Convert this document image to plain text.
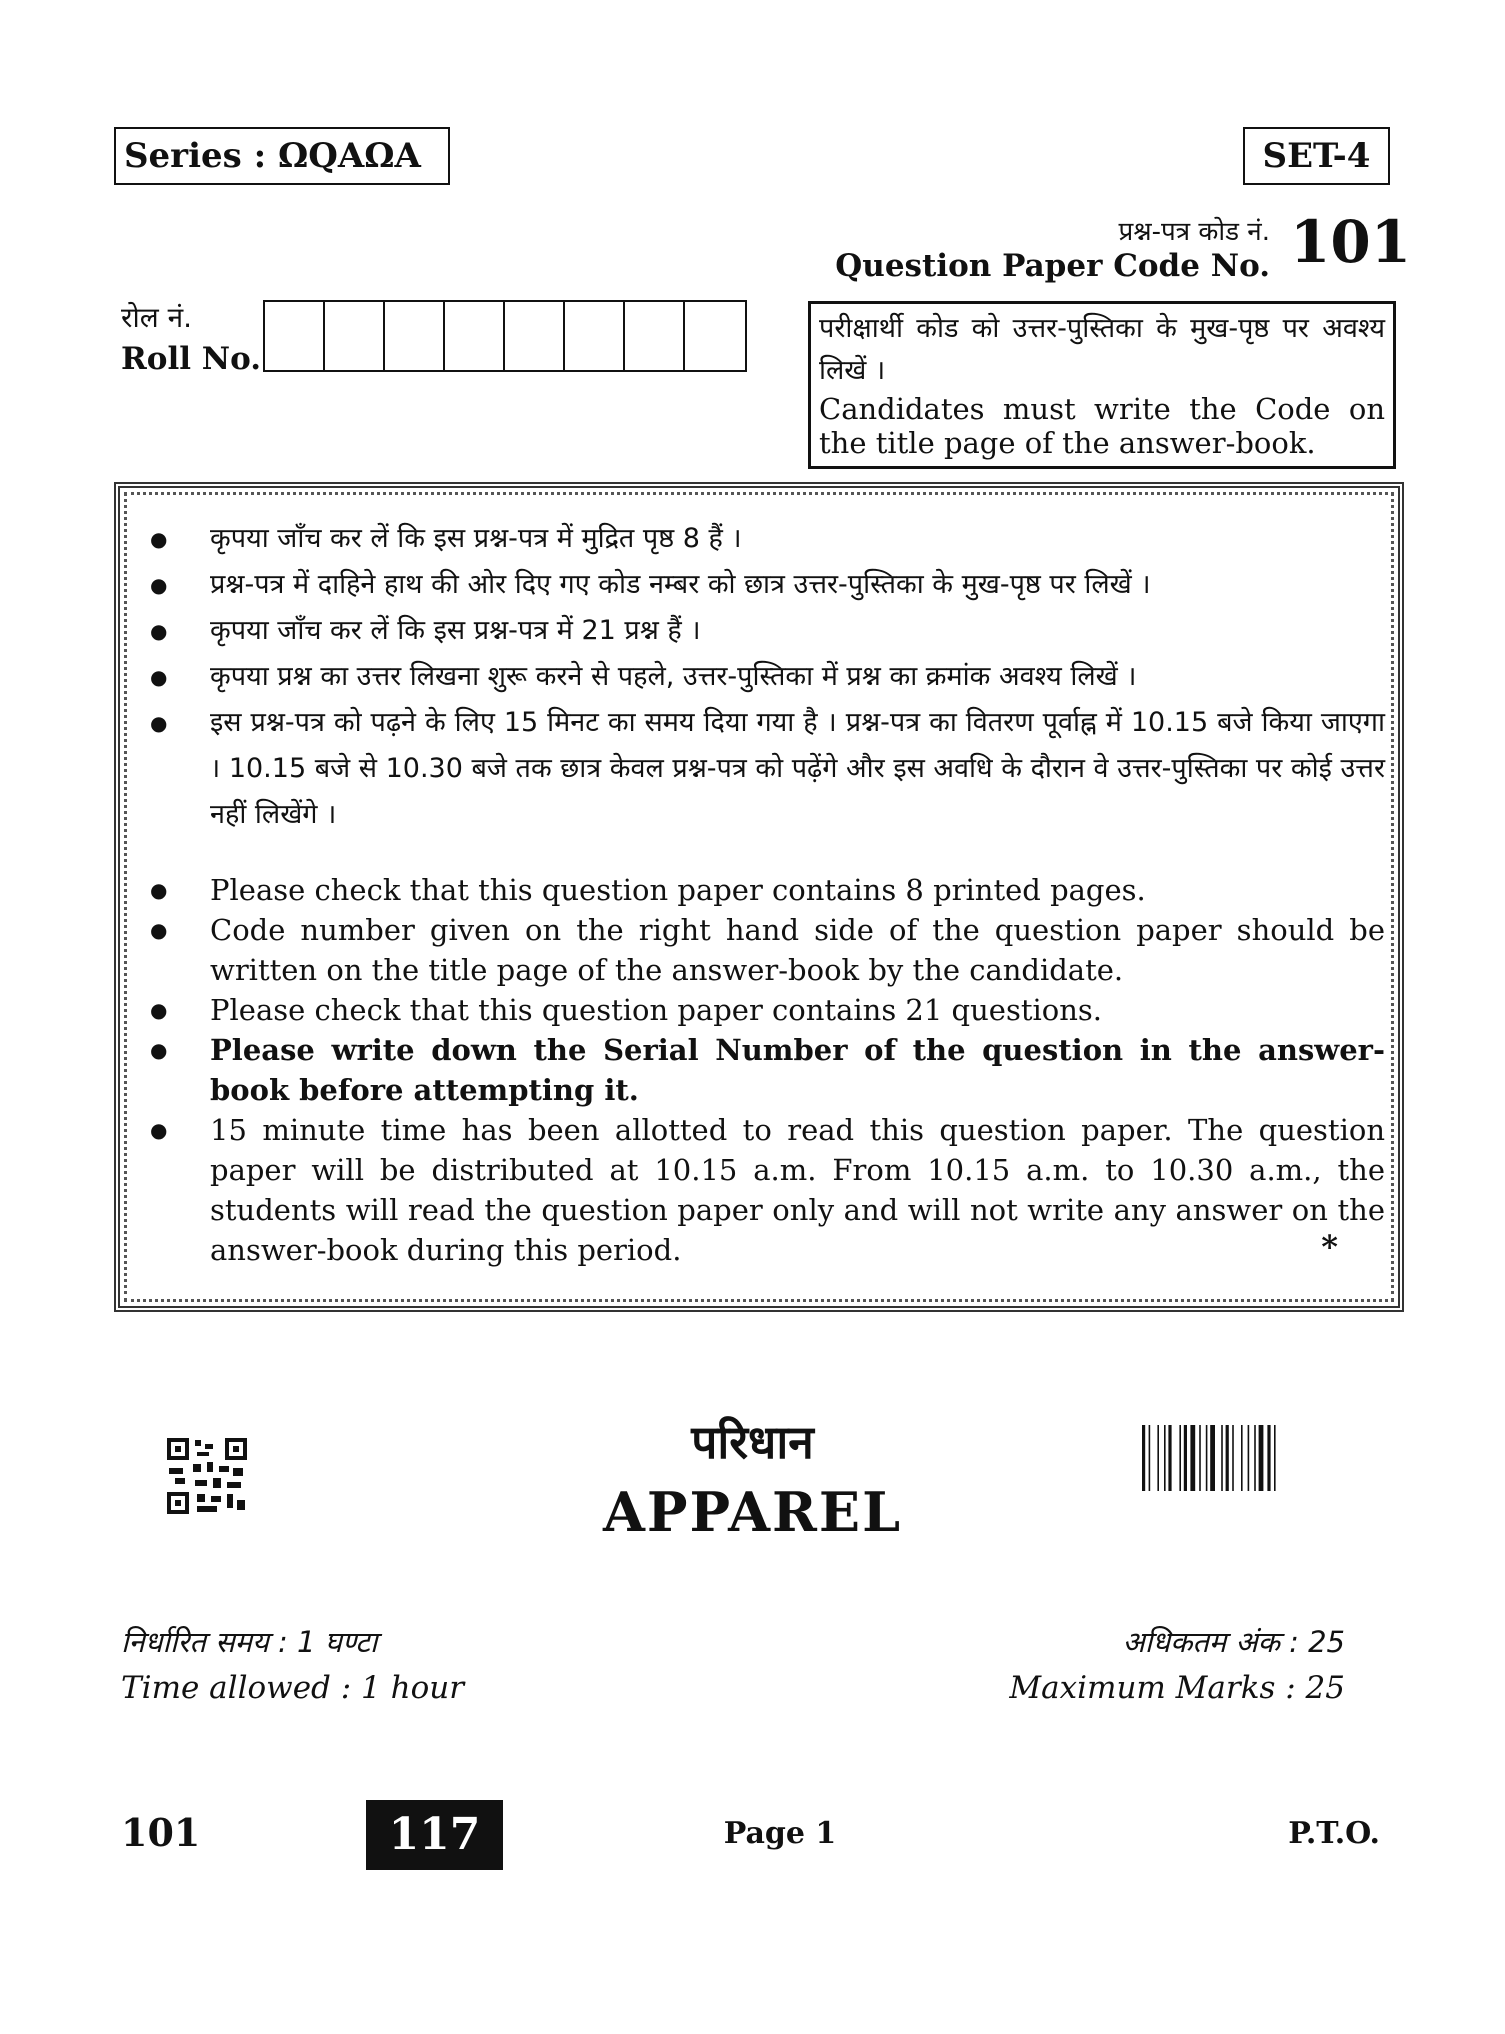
Series : ΩQAΩA	SET-4
प्रश्न-पत्र कोड नं.
Question Paper Code No. 101
रोल नं.
Roll No.
परीक्षार्थी कोड को उत्तर-पुस्तिका के मुख-पृष्ठ पर अवश्य लिखें ।
Candidates must write the Code on the title page of the answer-book.
● कृपया जाँच कर लें कि इस प्रश्न-पत्र में मुद्रित पृष्ठ 8 हैं ।
● प्रश्न-पत्र में दाहिने हाथ की ओर दिए गए कोड नम्बर को छात्र उत्तर-पुस्तिका के मुख-पृष्ठ पर लिखें ।
● कृपया जाँच कर लें कि इस प्रश्न-पत्र में 21 प्रश्न हैं ।
● कृपया प्रश्न का उत्तर लिखना शुरू करने से पहले, उत्तर-पुस्तिका में प्रश्न का क्रमांक अवश्य लिखें ।
● इस प्रश्न-पत्र को पढ़ने के लिए 15 मिनट का समय दिया गया है । प्रश्न-पत्र का वितरण पूर्वाह्न में 10.15 बजे किया जाएगा । 10.15 बजे से 10.30 बजे तक छात्र केवल प्रश्न-पत्र को पढ़ेंगे और इस अवधि के दौरान वे उत्तर-पुस्तिका पर कोई उत्तर नहीं लिखेंगे ।
● Please check that this question paper contains 8 printed pages.
● Code number given on the right hand side of the question paper should be written on the title page of the answer-book by the candidate.
● Please check that this question paper contains 21 questions.
● Please write down the Serial Number of the question in the answer-book before attempting it.
● 15 minute time has been allotted to read this question paper. The question paper will be distributed at 10.15 a.m. From 10.15 a.m. to 10.30 a.m., the students will read the question paper only and will not write any answer on the answer-book during this period.	*
परिधान
APPAREL
निर्धारित समय : 1 घण्टा
Time allowed : 1 hour
अधिकतम अंक : 25
Maximum Marks : 25
101	117	Page 1	P.T.O.
